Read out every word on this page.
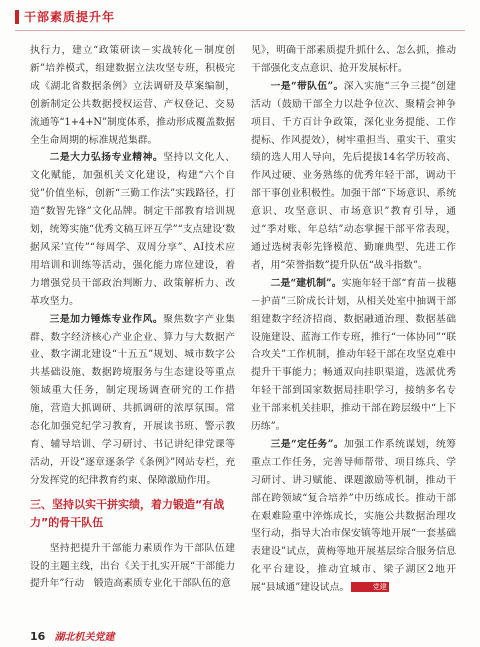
干部素质提升年

执行力，建立“政策研读－实战转化－制度创新”培养模式，组建数据立法攻坚专班，积极完成《湖北省数据条例》立法调研及草案编制，创新制定公共数据授权运营、产权登记、交易流通等“1+4+N”制度体系，推动形成覆盖数据全生命周期的标准规范集群。

二是大力弘扬专业精神。坚持以文化人、文化赋能，加强机关文化建设，构建“六个自觉”价值坐标，创新“三勤工作法”实践路径，打造“数智先锋”文化品牌。制定干部教育培训规划，统筹实施“优秀文稿互评互学”“支点建设‘数据风采’宣传”“每周学、双周分享”、AI技术应用培训和训练等活动，强化能力席位建设，着力增强党员干部政治判断力、政策解析力、改革攻坚力。

三是加力锤炼专业作风。聚焦数字产业集群、数字经济核心产业企业、算力与大数据产业、数字湖北建设“十五五”规划、城市数字公共基础设施、数据跨境服务与生态建设等重点领域重大任务，制定现场调查研究的工作措施，营造大抓调研、共抓调研的浓厚氛围。常态化加强党纪学习教育，开展读书班、警示教育、辅导培训、学习研讨、书记讲纪律党课等活动，开设“逐章逐条学《条例》”网站专栏，充分发挥党的纪律教育约束、保障激励作用。

三、坚持以实干拼实绩，着力锻造“有战力”的骨干队伍

坚持把提升干部能力素质作为干部队伍建设的主题主线，出台《关于扎实开展“干部能力提升年”行动　锻造高素质专业化干部队伍的意

见》，明确干部素质提升抓什么、怎么抓，推动干部强化支点意识、抢开发展标杆。

一是“带队伍”。深入实施“三争三提”创建活动（鼓励干部全力以赴争位次、聚精会神争项目、千方百计争政策，深化业务提能、工作提标、作风提效），树牢重担当、重实干、重实绩的选人用人导向，先后提拔14名学历较高、作风过硬、业务熟练的优秀年轻干部，调动干部干事创业积极性。加强干部“下场意识、系统意识、攻坚意识、市场意识”教育引导，通过“季对账、年总结”动态掌握干部平常表现，通过选树表彰先锋模范、勤廉典型、先进工作者，用“荣誉指数”提升队伍“战斗指数”。

二是“建机制”。实施年轻干部“育苗－拔穗－护苗”三阶成长计划，从相关处室中抽调干部组建数字经济招商、数据融通治理、数据基础设施建设、蓝海工作专班，推行“一体协同”“联合攻关”工作机制，推动年轻干部在攻坚克难中提升干事能力；畅通双向挂职渠道，选派优秀年轻干部到国家数据局挂职学习，接纳多名专业干部来机关挂职，推动干部在跨层级中“上下历练”。

三是“定任务”。加强工作系统谋划，统筹重点工作任务，完善导师帮带、项目练兵、学习研讨、讲习赋能、课题激励等机制，推动干部在跨领域“复合培养”中历练成长。推动干部在艰难险重中淬炼成长，实施公共数据治理攻坚行动，指导大冶市保安镇等地开展“一套基础表建设”试点，黄梅等地开展基层综合服务信息化平台建设，推动宜城市、梁子湖区2地开展“县域通”建设试点。	党建

16 湖北机关党建
